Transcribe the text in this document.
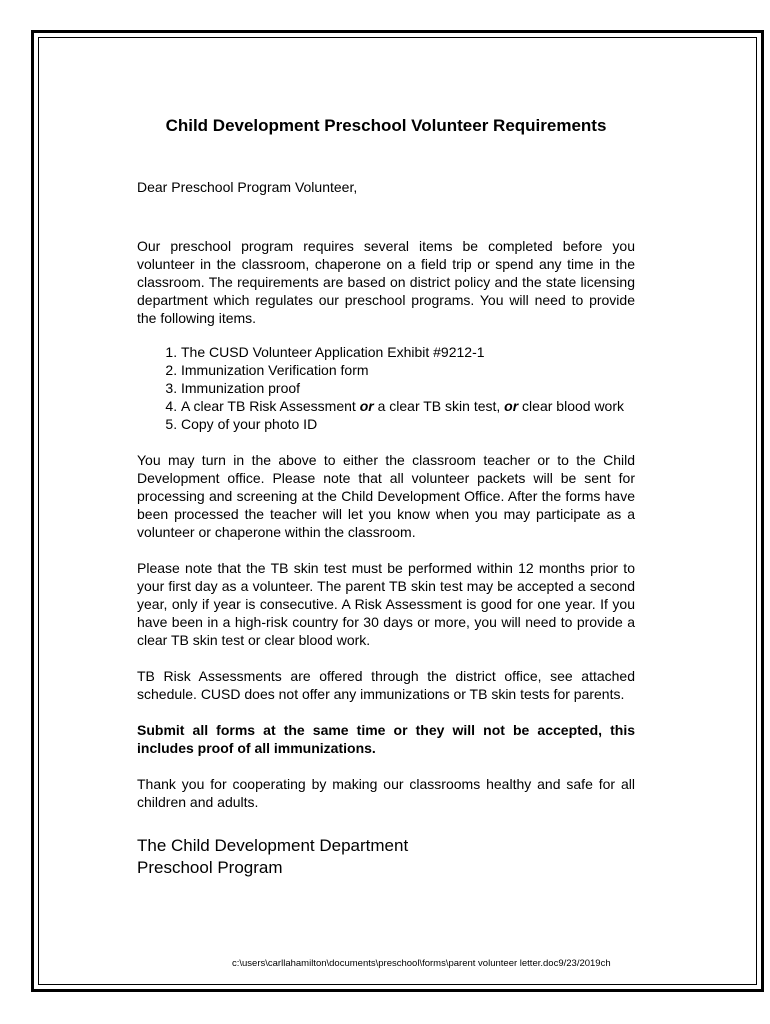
Child Development Preschool Volunteer Requirements
Dear Preschool Program Volunteer,

Our preschool program requires several items be completed before you volunteer in the classroom, chaperone on a field trip or spend any time in the classroom. The requirements are based on district policy and the state licensing department which regulates our preschool programs. You will need to provide the following items.

1. The CUSD Volunteer Application Exhibit #9212-1
2. Immunization Verification form
3. Immunization proof
4. A clear TB Risk Assessment or a clear TB skin test, or clear blood work
5. Copy of your photo ID

You may turn in the above to either the classroom teacher or to the Child Development office. Please note that all volunteer packets will be sent for processing and screening at the Child Development Office. After the forms have been processed the teacher will let you know when you may participate as a volunteer or chaperone within the classroom.

Please note that the TB skin test must be performed within 12 months prior to your first day as a volunteer. The parent TB skin test may be accepted a second year, only if year is consecutive. A Risk Assessment is good for one year. If you have been in a high-risk country for 30 days or more, you will need to provide a clear TB skin test or clear blood work.

TB Risk Assessments are offered through the district office, see attached schedule. CUSD does not offer any immunizations or TB skin tests for parents.

Submit all forms at the same time or they will not be accepted, this includes proof of all immunizations.

Thank you for cooperating by making our classrooms healthy and safe for all children and adults.

The Child Development Department
Preschool Program
c:\users\carllahamilton\documents\preschool\forms\parent volunteer letter.doc9/23/2019ch
